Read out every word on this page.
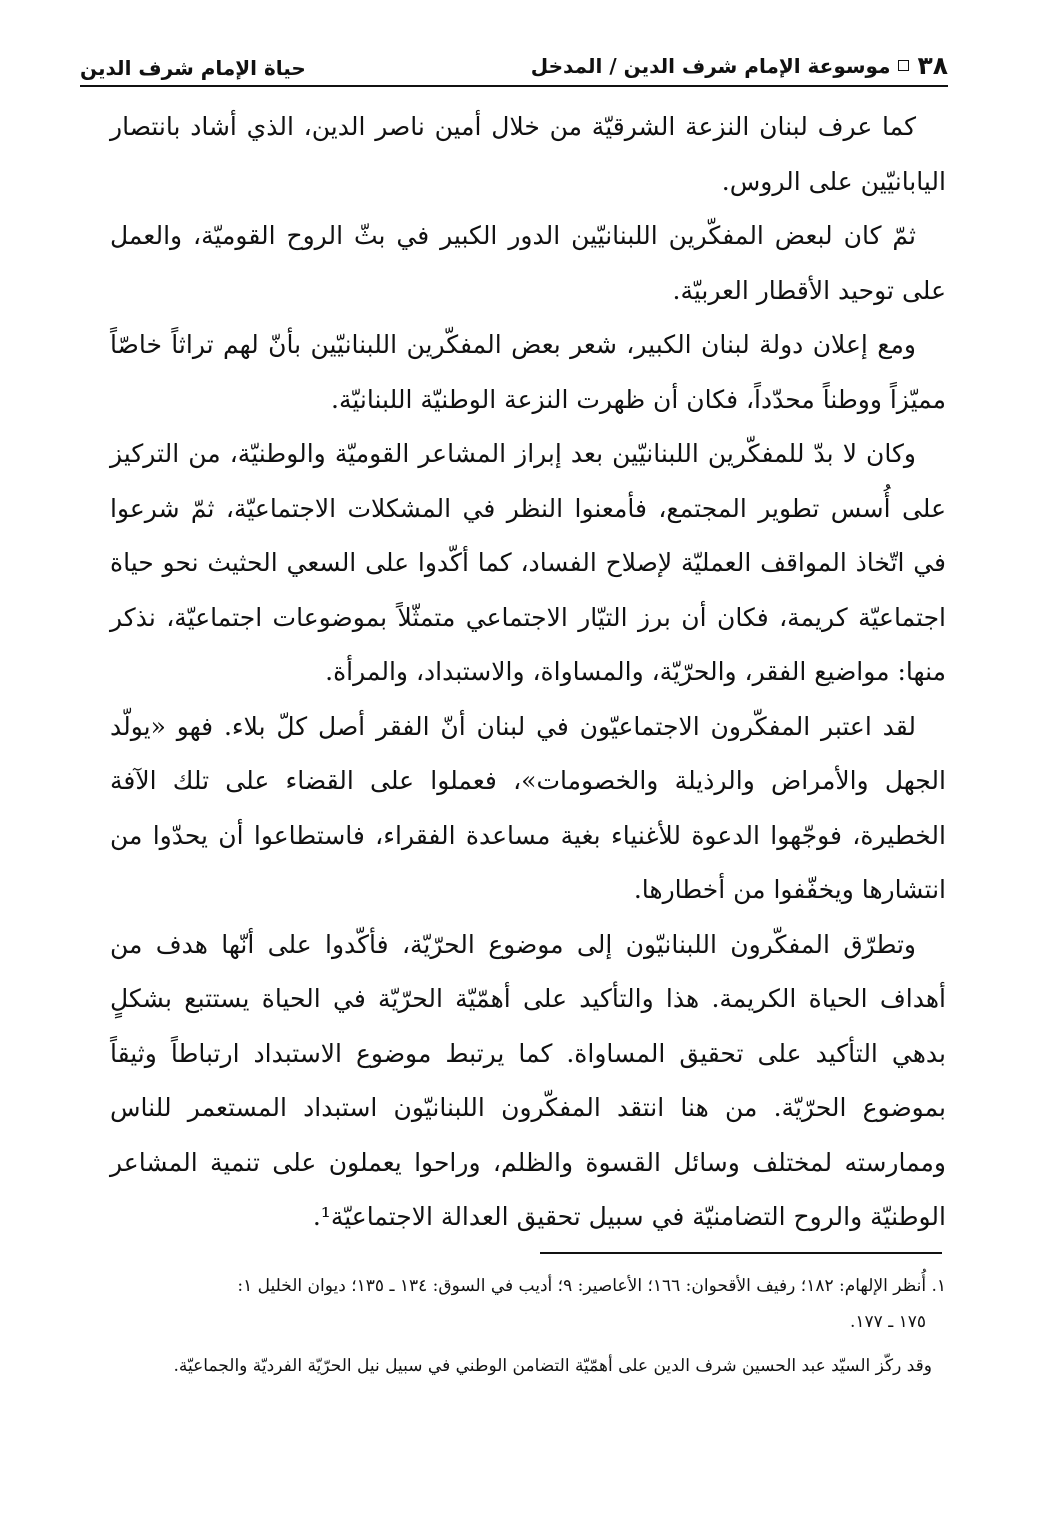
٣٨
موسوعة الإمام شرف الدين / المدخل
حياة الإمام شرف الدين

كما عرف لبنان النزعة الشرقيّة من خلال أمين ناصر الدين، الذي أشاد بانتصار اليابانيّين على الروس.

ثمّ كان لبعض المفكّرين اللبنانيّين الدور الكبير في بثّ الروح القوميّة، والعمل على توحيد الأقطار العربيّة.

ومع إعلان دولة لبنان الكبير، شعر بعض المفكّرين اللبنانيّين بأنّ لهم تراثاً خاصّاً مميّزاً ووطناً محدّداً، فكان أن ظهرت النزعة الوطنيّة اللبنانيّة.

وكان لا بدّ للمفكّرين اللبنانيّين بعد إبراز المشاعر القوميّة والوطنيّة، من التركيز على أُسس تطوير المجتمع، فأمعنوا النظر في المشكلات الاجتماعيّة، ثمّ شرعوا في اتّخاذ المواقف العمليّة لإصلاح الفساد، كما أكّدوا على السعي الحثيث نحو حياة اجتماعيّة كريمة، فكان أن برز التيّار الاجتماعي متمثّلاً بموضوعات اجتماعيّة، نذكر منها: مواضيع الفقر، والحرّيّة، والمساواة، والاستبداد، والمرأة.

لقد اعتبر المفكّرون الاجتماعيّون في لبنان أنّ الفقر أصل كلّ بلاء. فهو «يولّد الجهل والأمراض والرذيلة والخصومات»، فعملوا على القضاء على تلك الآفة الخطيرة، فوجّهوا الدعوة للأغنياء بغية مساعدة الفقراء، فاستطاعوا أن يحدّوا من انتشارها ويخفّفوا من أخطارها.

وتطرّق المفكّرون اللبنانيّون إلى موضوع الحرّيّة، فأكّدوا على أنّها هدف من أهداف الحياة الكريمة. هذا والتأكيد على أهمّيّة الحرّيّة في الحياة يستتبع بشكلٍ بدهي التأكيد على تحقيق المساواة. كما يرتبط موضوع الاستبداد ارتباطاً وثيقاً بموضوع الحرّيّة. من هنا انتقد المفكّرون اللبنانيّون استبداد المستعمر للناس وممارسته لمختلف وسائل القسوة والظلم، وراحوا يعملون على تنمية المشاعر الوطنيّة والروح التضامنيّة في سبيل تحقيق العدالة الاجتماعيّة¹.

١. أُنظر الإلهام: ١٨٢؛ رفيف الأقحوان: ١٦٦؛ الأعاصير: ٩؛ أديب في السوق: ١٣٤ ـ ١٣٥؛ ديوان الخليل ١:

١٧٥ ـ ١٧٧.

وقد ركّز السيّد عبد الحسين شرف الدين على أهمّيّة التضامن الوطني في سبيل نيل الحرّيّة الفرديّة والجماعيّة.
